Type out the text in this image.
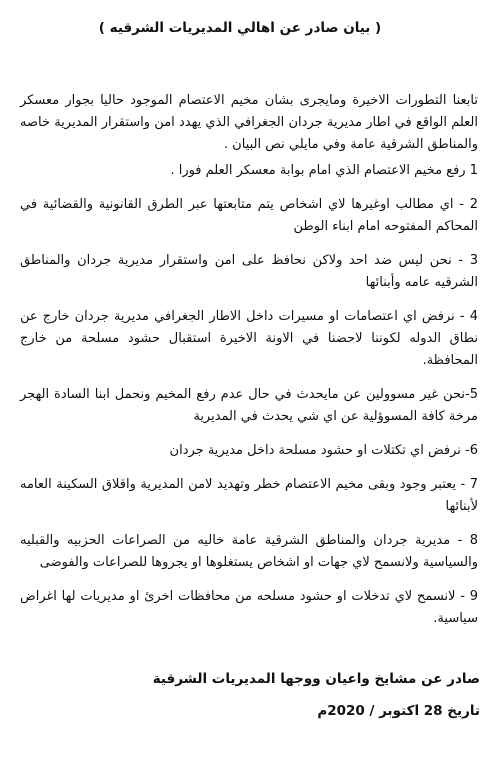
( بيان صادر عن اهالي المديريات الشرقيه )
تابعنا التطورات الاخيرة ومايجرى بشان مخيم الاعتصام الموجود حاليا بجوار معسكر العلم الواقع في اطار مديرية جردان الجغرافي الذي يهدد امن واستقرار المديرية خاصه والمناطق الشرقية عامة وفي مايلي نص البيان .
1 رفع مخيم الاعتصام الذي امام بوابة معسكر العلم فورا .
2 - اي مطالب اوغيرها لاي اشخاص يتم متابعتها عبر الطرق القانونية والقضائية في المحاكم المفتوحه امام ابناء الوطن
3 - نحن ليس ضد احد ولاكن نحافظ على امن واستقرار مديرية جردان والمناطق الشرقيه عامه وأبنائها
4 - نرفض اي اعتصامات او مسيرات داخل الاطار الجغرافي مديرية جردان خارج عن نطاق الدوله لكوننا لاحضنا في الاونة الاخيرة استقبال حشود مسلحة من خارج المحافظة.
5-نحن غير مسوولين عن مايحدث في حال عدم رفع المخيم ونحمل ابنا السادة الهجر مرخة كافة المسوؤلية عن اي شي يحدث في المديرية
6- نرفض اي تكتلات او حشود مسلحة داخل مديرية جردان
7 - يعتبر وجود وبقى مخيم الاعتصام خطر وتهديد لامن المديرية واقلاق السكينة العامه لأبنائها
8 - مديرية جردان والمناطق الشرقية عامة خاليه من الصراعات الحزبيه والقبليه والسياسية ولانسمح لاي جهات او اشخاص يستغلوها او يجروها للصراعات والفوضى
9 - لانسمح لاي تدخلات او حشود مسلحه من محافظات اخرئ او مديريات لها اغراض سياسية.
صادر عن مشايخ واعيان ووجها المديريات الشرقية
تاريخ 28 اكتوبر / 2020م
